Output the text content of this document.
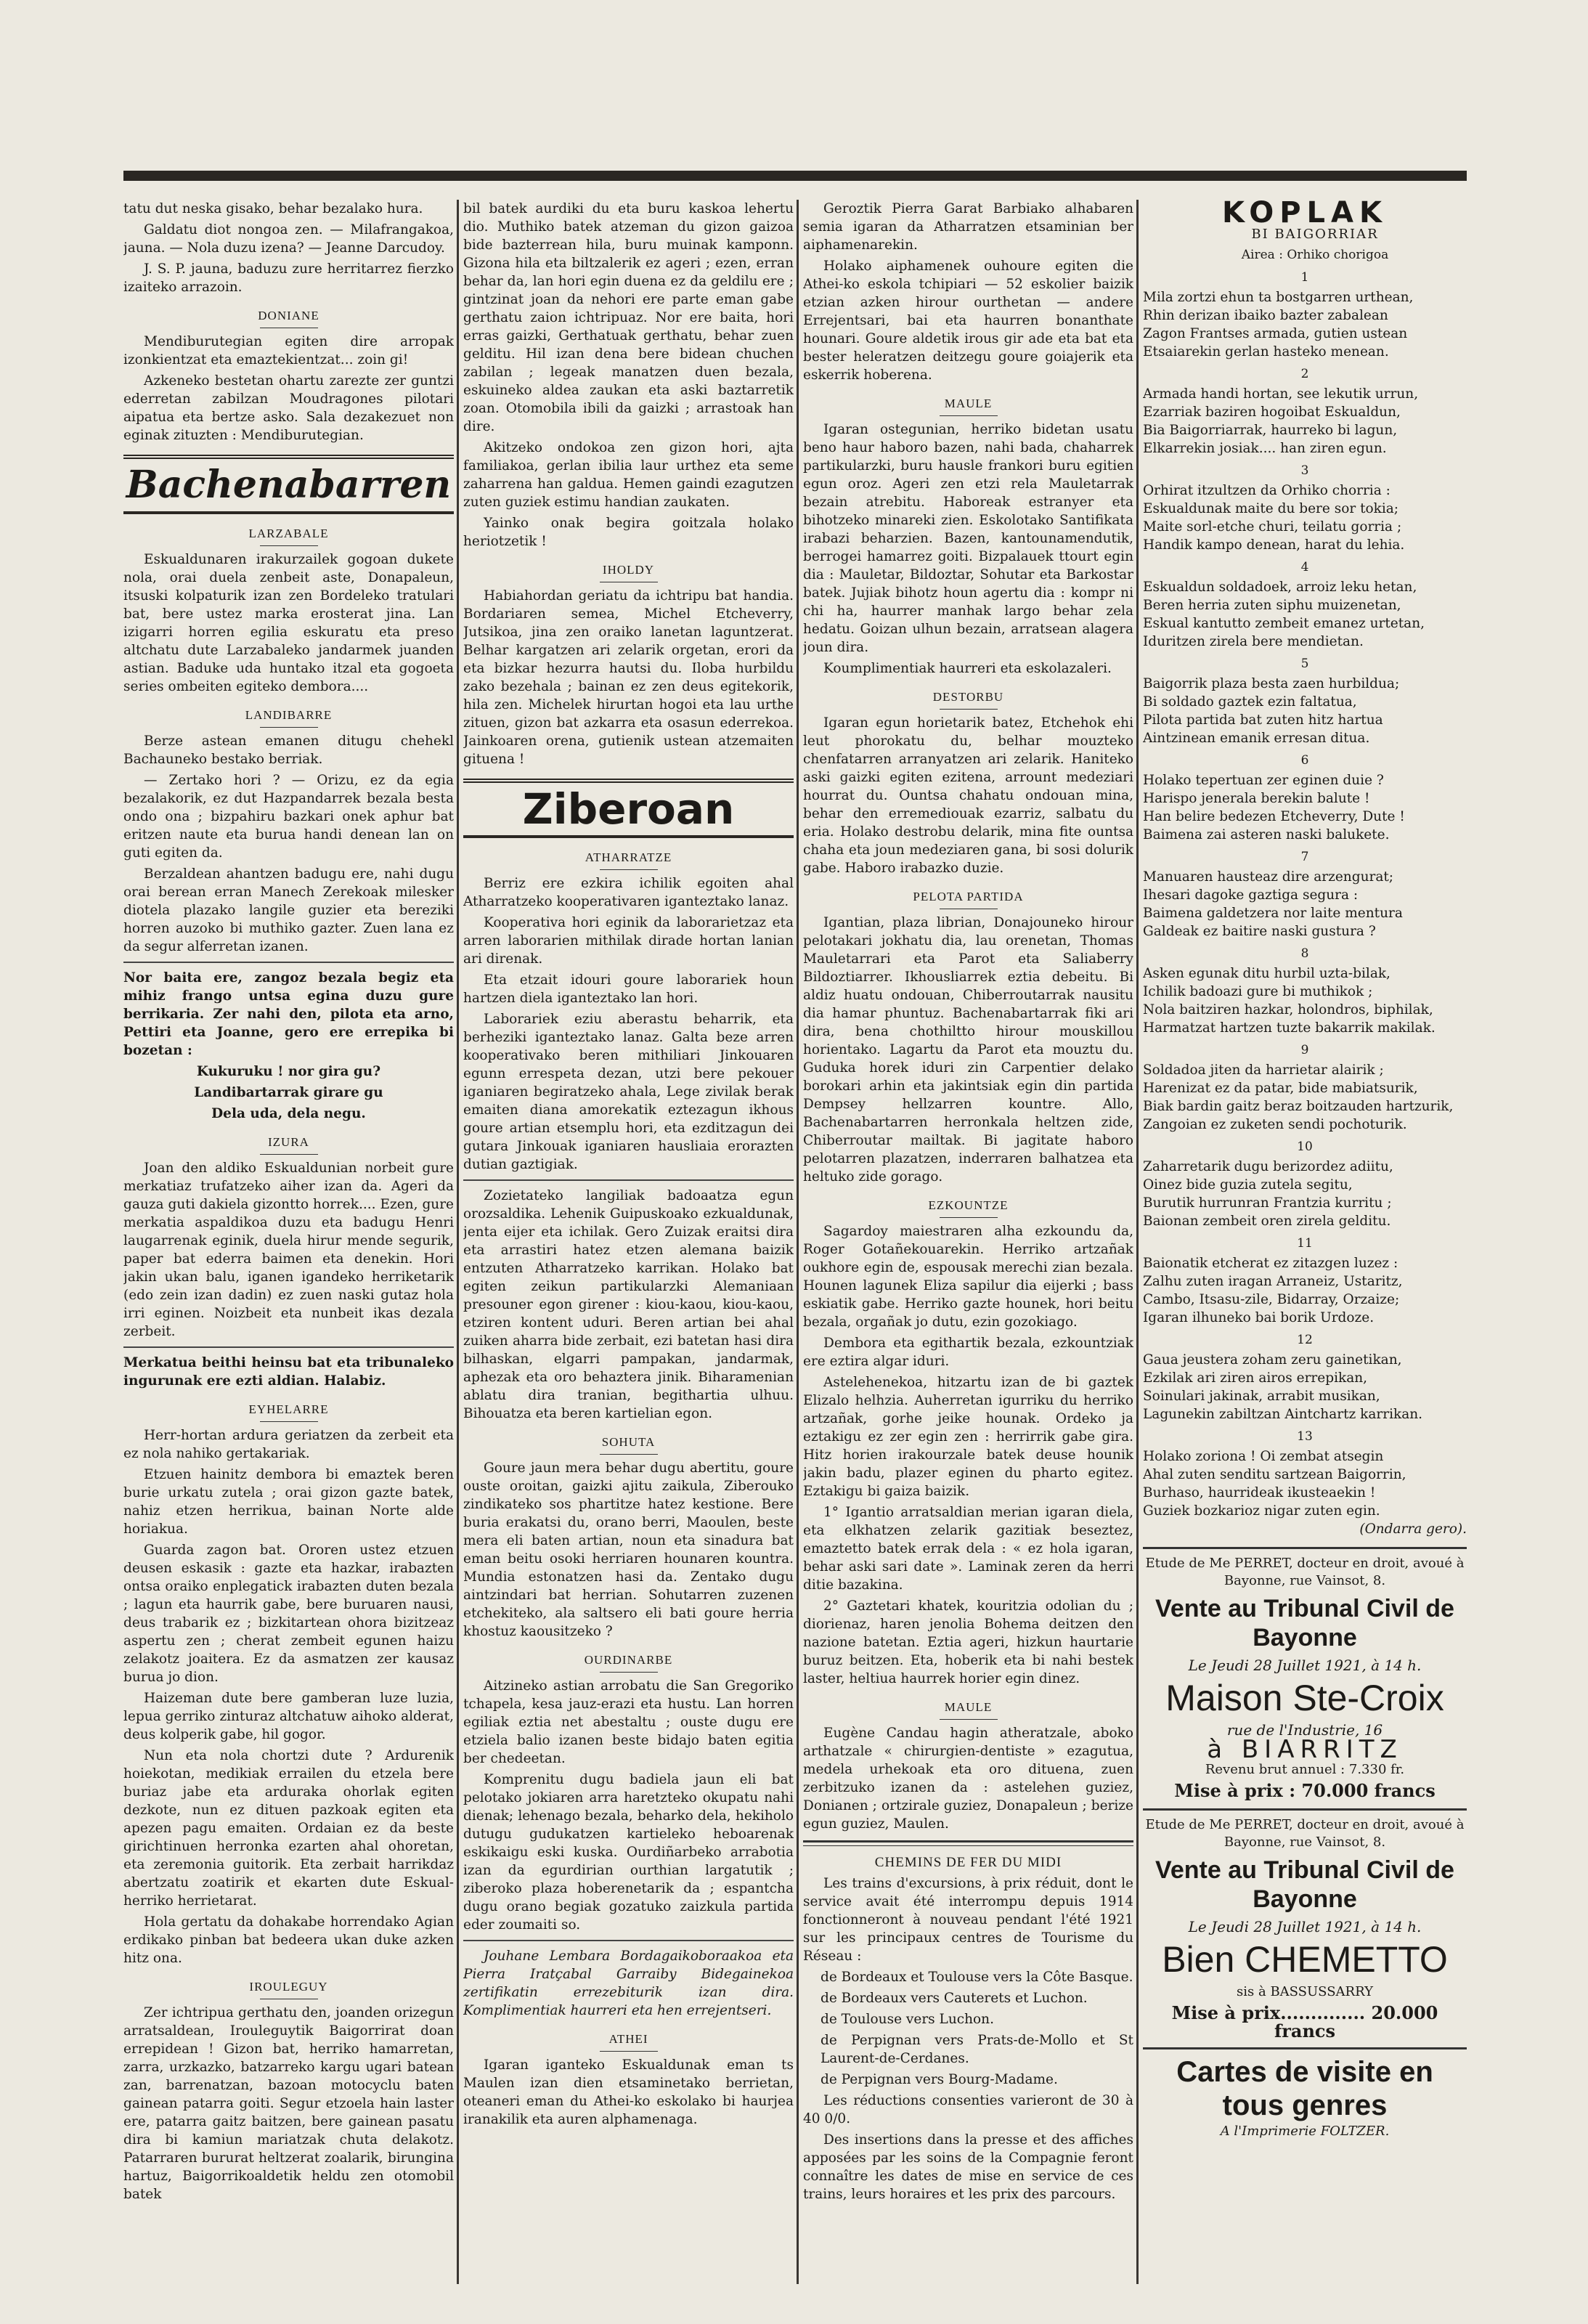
tatu dut neska gisako, behar bezalako hura.

Galdatu diot nongoa zen. — Milafrangakoa, jauna. — Nola duzu izena? — Jeanne Darcudoy.

J. S. P. jauna, baduzu zure herritarrez fierzko izaiteko arrazoin.

DONIANE

Mendiburutegian egiten dire arropak izonkientzat eta emaztekientzat... zoin gi!

Azkeneko bestetan ohartu zarezte zer guntzi ederretan zabilzan Moudragones pilotari aipatua eta bertze asko. Sala dezakezuet non eginak zituzten : Mendiburutegian.

Bachenabarren
LARZABALE

Eskualdunaren irakurzailek gogoan dukete nola, orai duela zenbeit aste, Donapaleun, itsuski kolpaturik izan zen Bordeleko tratulari bat, bere ustez marka erosterat jina. Lan izigarri horren egilia eskuratu eta preso altchatu dute Larzabaleko jandarmek juanden astian. Baduke uda huntako itzal eta gogoeta series ombeiten egiteko dembora....

LANDIBARRE

Berze astean emanen ditugu chehekl Bachauneko bestako berriak.

— Zertako hori ? — Orizu, ez da egia bezalakorik, ez dut Hazpandarrek bezala besta ondo ona ; bizpahiru bazkari onek aphur bat eritzen naute eta burua handi denean lan on guti egiten da.

Berzaldean ahantzen badugu ere, nahi dugu orai berean erran Manech Zerekoak milesker diotela plazako langile guzier eta bereziki horren auzoko bi muthiko gazter. Zuen lana ez da segur alferretan izanen.

Nor baita ere, zangoz bezala begiz eta mihiz frango untsa egina duzu gure berrikaria. Zer nahi den, pilota eta arno, Pettiri eta Joanne, gero ere errepika bi bozetan :

Kukuruku ! nor gira gu?

Landibartarrak girare gu

Dela uda, dela negu.

IZURA

Joan den aldiko Eskualdunian norbeit gure merkatiaz trufatzeko aiher izan da. Ageri da gauza guti dakiela gizontto horrek.... Ezen, gure merkatia aspaldikoa duzu eta badugu Henri laugarrenak eginik, duela hirur mende segurik, paper bat ederra baimen eta denekin. Hori jakin ukan balu, iganen igandeko herriketarik (edo zein izan dadin) ez zuen naski gutaz hola irri eginen. Noizbeit eta nunbeit ikas dezala zerbeit.

Merkatua beithi heinsu bat eta tribunaleko ingurunak ere ezti aldian. Halabiz.

EYHELARRE

Herr-hortan ardura geriatzen da zerbeit eta ez nola nahiko gertakariak.

Etzuen hainitz dembora bi emaztek beren burie urkatu zutela ; orai gizon gazte batek, nahiz etzen herrikua, bainan Norte alde horiakua.

Guarda zagon bat. Ororen ustez etzuen deusen eskasik : gazte eta hazkar, irabazten ontsa oraiko enplegatick irabazten duten bezala ; lagun eta haurrik gabe, bere buruaren nausi, deus trabarik ez ; bizkitartean ohora bizitzeaz aspertu zen ; cherat zembeit egunen haizu zelakotz joaitera. Ez da asmatzen zer kausaz burua jo dion.

Haizeman dute bere gamberan luze luzia, lepua gerriko zinturaz altchatuw aihoko alderat, deus kolperik gabe, hil gogor.

Nun eta nola chortzi dute ? Ardurenik hoiekotan, medikiak errailen du etzela bere buriaz jabe eta arduraka ohorlak egiten dezkote, nun ez dituen pazkoak egiten eta apezen pagu emaiten. Ordaian ez da beste girichtinuen herronka ezarten ahal ohoretan, eta zeremonia guitorik. Eta zerbait harrikdaz abertzatu zoatirik et ekarten dute Eskual-herriko herrietarat.

Hola gertatu da dohakabe horrendako Agian erdikako pinban bat bedeera ukan duke azken hitz ona.

IROULEGUY

Zer ichtripua gerthatu den, joanden orizegun arratsaldean, Irouleguytik Baigorrirat doan errepidean ! Gizon bat, herriko hamarretan, zarra, urzkazko, batzarreko kargu ugari batean zan, barrenatzan, bazoan motocyclu baten gainean patarra goiti. Segur etzoela hain laster ere, patarra gaitz baitzen, bere gainean pasatu dira bi kamiun mariatzak chuta delakotz. Patarraren bururat heltzerat zoalarik, birungina hartuz, Baigorrikoaldetik heldu zen otomobil batek

bil batek aurdiki du eta buru kaskoa lehertu dio. Muthiko batek atzeman du gizon gaizoa bide bazterrean hila, buru muinak kamponn. Gizona hila eta biltzalerik ez ageri ; ezen, erran behar da, lan hori egin duena ez da geldilu ere ; gintzinat joan da nehori ere parte eman gabe gerthatu zaion ichtripuaz. Nor ere baita, hori erras gaizki, Gerthatuak gerthatu, behar zuen gelditu. Hil izan dena bere bidean chuchen zabilan ; legeak manatzen duen bezala, eskuineko aldea zaukan eta aski baztarretik zoan. Otomobila ibili da gaizki ; arrastoak han dire.

Akitzeko ondokoa zen gizon hori, ajta familiakoa, gerlan ibilia laur urthez eta seme zaharrena han galdua. Hemen gaindi ezagutzen zuten guziek estimu handian zaukaten.

Yainko onak begira goitzala holako heriotzetik !

IHOLDY

Habiahordan geriatu da ichtripu bat handia. Bordariaren semea, Michel Etcheverry, Jutsikoa, jina zen oraiko lanetan laguntzerat. Belhar kargatzen ari zelarik orgetan, erori da eta bizkar hezurra hautsi du. Iloba hurbildu zako bezehala ; bainan ez zen deus egitekorik, hila zen. Michelek hirurtan hogoi eta lau urthe zituen, gizon bat azkarra eta osasun ederrekoa. Jainkoaren orena, gutienik ustean atzemaiten gituena !

Ziberoan
ATHARRATZE

Berriz ere ezkira ichilik egoiten ahal Atharratzeko kooperativaren iganteztako lanaz.

Kooperativa hori eginik da laborarietzaz eta arren laborarien mithilak dirade hortan lanian ari direnak.

Eta etzait idouri goure laborariek houn hartzen diela iganteztako lan hori.

Laborariek eziu aberastu beharrik, eta berheziki iganteztako lanaz. Galta beze arren kooperativako beren mithiliari Jinkouaren egunn errespeta dezan, utzi bere pekouer iganiaren begiratzeko ahala, Lege zivilak berak emaiten diana amorekatik eztezagun ikhous goure artian etsemplu hori, eta ezditzagun dei gutara Jinkouak iganiaren hausliaia erorazten dutian gaztigiak.

Zozietateko langiliak badoaatza egun orozsaldika. Lehenik Guipuskoako ezkualdunak, jenta eijer eta ichilak. Gero Zuizak eraitsi dira eta arrastiri hatez etzen alemana baizik entzuten Atharratzeko karrikan. Holako bat egiten zeikun partikularzki Alemaniaan presouner egon girener : kiou-kaou, kiou-kaou, etziren kontent uduri. Beren artian bei ahal zuiken aharra bide zerbait, ezi batetan hasi dira bilhaskan, elgarri pampakan, jandarmak, aphezak eta oro behaztera jinik. Biharamenian ablatu dira tranian, begithartia ulhuu. Bihouatza eta beren kartielian egon.

SOHUTA

Goure jaun mera behar dugu abertitu, goure ouste oroitan, gaizki ajitu zaikula, Ziberouko zindikateko sos phartitze hatez kestione. Bere buria erakatsi du, orano berri, Maoulen, beste mera eli baten artian, noun eta sinadura bat eman beitu osoki herriaren hounaren kountra. Mundia estonatzen hasi da. Zentako dugu aintzindari bat herrian. Sohutarren zuzenen etchekiteko, ala saltsero eli bati goure herria khostuz kaousitzeko ?

OURDINARBE

Aitzineko astian arrobatu die San Gregoriko tchapela, kesa jauz-erazi eta hustu. Lan horren egiliak eztia net abestaltu ; ouste dugu ere etziela balio izanen beste bidajo baten egitia ber chedeetan.

Komprenitu dugu badiela jaun eli bat pelotako jokiaren arra haretzteko okupatu nahi dienak; lehenago bezala, beharko dela, hekiholo dutugu gudukatzen kartieleko heboarenak eskikaigu eski kuska. Ourdiñarbeko arrabotia izan da egurdirian ourthian largatutik ; ziberoko plaza hoberenetarik da ; espantcha dugu orano begiak gozatuko zaizkula partida eder zoumaiti so.

Jouhane Lembara Bordagaikoboraakoa eta Pierra Iratçabal Garraiby Bidegainekoa zertifikatin errezebiturik izan dira. Komplimentiak haurreri eta hen errejentseri.

ATHEI

Igaran iganteko Eskualdunak eman ts Maulen izan dien etsaminetako berrietan, oteaneri eman du Athei-ko eskolako bi haurjea iranakilik eta auren alphamenaga.

Geroztik Pierra Garat Barbiako alhabaren semia igaran da Atharratzen etsaminian ber aiphamenarekin.

Holako aiphamenek ouhoure egiten die Athei-ko eskola tchipiari — 52 eskolier baizik etzian azken hirour ourthetan — andere Errejentsari, bai eta haurren bonanthate hounari. Goure aldetik irous gir ade eta bat eta bester heleratzen deitzegu goure goiajerik eta eskerrik hoberena.

MAULE

Igaran ostegunian, herriko bidetan usatu beno haur haboro bazen, nahi bada, chaharrek partikularzki, buru hausle frankori buru egitien egun oroz. Ageri zen etzi rela Mauletarrak bezain atrebitu. Haboreak estranyer eta bihotzeko minareki zien. Eskolotako Santifikata irabazi beharzien. Bazen, kantounamendutik, berrogei hamarrez goiti. Bizpalauek ttourt egin dia : Mauletar, Bildoztar, Sohutar eta Barkostar batek. Jujiak bihotz houn agertu dia : kompr ni chi ha, haurrer manhak largo behar zela hedatu. Goizan ulhun bezain, arratsean alagera joun dira.

Koumplimentiak haurreri eta eskolazaleri.

DESTORBU

Igaran egun horietarik batez, Etchehok ehi leut phorokatu du, belhar mouzteko chenfatarren arranyatzen ari zelarik. Haniteko aski gaizki egiten ezitena, arrount medeziari hourrat du. Ountsa chahatu ondouan mina, behar den erremediouak ezarriz, salbatu du eria. Holako destrobu delarik, mina fite ountsa chaha eta joun medeziaren gana, bi sosi dolurik gabe. Haboro irabazko duzie.

PELOTA PARTIDA

Igantian, plaza librian, Donajouneko hirour pelotakari jokhatu dia, lau orenetan, Thomas Mauletarrari eta Parot eta Saliaberry Bildoztiarrer. Ikhousliarrek eztia debeitu. Bi aldiz huatu ondouan, Chiberroutarrak nausitu dia hamar phuntuz. Bachenabartarrak fiki ari dira, bena chothiltto hirour mouskillou horientako. Lagartu da Parot eta mouztu du. Guduka horek iduri zin Carpentier delako borokari arhin eta jakintsiak egin din partida Dempsey hellzarren kountre. Allo, Bachenabartarren herronkala heltzen zide, Chiberroutar mailtak. Bi jagitate haboro pelotarren plazatzen, inderraren balhatzea eta heltuko zide gorago.

EZKOUNTZE

Sagardoy maiestraren alha ezkoundu da, Roger Gotañekouarekin. Herriko artzañak oukhore egin de, espousak merechi zian bezala. Hounen lagunek Eliza sapilur dia eijerki ; bass eskiatik gabe. Herriko gazte hounek, hori beitu bezala, orgañak jo dutu, ezin gozokiago.

Dembora eta egithartik bezala, ezkountziak ere eztira algar iduri.

Astelehenekoa, hitzartu izan de bi gaztek Elizalo helhzia. Auherretan igurriku du herriko artzañak, gorhe jeike hounak. Ordeko ja eztakigu ez zer egin zen : herrirrik gabe gira. Hitz horien irakourzale batek deuse hounik jakin badu, plazer eginen du pharto egitez. Eztakigu bi gaiza baizik.

1° Igantio arratsaldian merian igaran diela, eta elkhatzen zelarik gazitiak beseztez, emaztetto batek errak dela : « ez hola igaran, behar aski sari date ». Laminak zeren da herri ditie bazakina.

2° Gaztetari khatek, kouritzia odolian du ; diorienaz, haren jenolia Bohema deitzen den nazione batetan. Eztia ageri, hizkun haurtarie buruz beitzen. Eta, hoberik eta bi nahi bestek laster, heltiua haurrek horier egin dinez.

MAULE

Eugène Candau hagin atheratzale, aboko arthatzale « chirurgien-dentiste » ezagutua, medela urhekoak eta oro dituena, zuen zerbitzuko izanen da : astelehen guziez, Donianen ; ortzirale guziez, Donapaleun ; berize egun guziez, Maulen.

CHEMINS DE FER DU MIDI

Les trains d'excursions, à prix réduit, dont le service avait été interrompu depuis 1914 fonctionneront à nouveau pendant l'été 1921 sur les principaux centres de Tourisme du Réseau :

de Bordeaux et Toulouse vers la Côte Basque.

de Bordeaux vers Cauterets et Luchon.

de Toulouse vers Luchon.

de Perpignan vers Prats-de-Mollo et St Laurent-de-Cerdanes.

de Perpignan vers Bourg-Madame.

Les réductions consenties varieront de 30 à 40 0/0.

Des insertions dans la presse et des affiches apposées par les soins de la Compagnie feront connaître les dates de mise en service de ces trains, leurs horaires et les prix des parcours.

KOPLAK

BI BAIGORRIAR

Airea : Orhiko chorigoa

1

Mila zortzi ehun ta bostgarren urthean,

Rhin derizan ibaiko bazter zabalean

Zagon Frantses armada, gutien ustean

Etsaiarekin gerlan hasteko menean.

2

Armada handi hortan, see lekutik urrun,

Ezarriak baziren hogoibat Eskualdun,

Bia Baigorriarrak, haurreko bi lagun,

Elkarrekin josiak.... han ziren egun.

3

Orhirat itzultzen da Orhiko chorria :

Eskualdunak maite du bere sor tokia;

Maite sorl-etche churi, teilatu gorria ;

Handik kampo denean, harat du lehia.

4

Eskualdun soldadoek, arroiz leku hetan,

Beren herria zuten siphu muizenetan,

Eskual kantutto zembeit emanez urtetan,

Iduritzen zirela bere mendietan.

5

Baigorrik plaza besta zaen hurbildua;

Bi soldado gaztek ezin faltatua,

Pilota partida bat zuten hitz hartua

Aintzinean emanik erresan ditua.

6

Holako tepertuan zer eginen duie ?

Harispo jenerala berekin balute !

Han belire bedezen Etcheverry, Dute !

Baimena zai asteren naski balukete.

7

Manuaren hausteaz dire arzengurat;

Ihesari dagoke gaztiga segura :

Baimena galdetzera nor laite mentura

Galdeak ez baitire naski gustura ?

8

Asken egunak ditu hurbil uzta-bilak,

Ichilik badoazi gure bi muthikok ;

Nola baitziren hazkar, holondros, biphilak,

Harmatzat hartzen tuzte bakarrik makilak.

9

Soldadoa jiten da harrietar alairik ;

Harenizat ez da patar, bide mabiatsurik,

Biak bardin gaitz beraz boitzauden hartzurik,

Zangoian ez zuketen sendi pochoturik.

10

Zaharretarik dugu berizordez adiitu,

Oinez bide guzia zutela segitu,

Burutik hurrunran Frantzia kurritu ;

Baionan zembeit oren zirela gelditu.

11

Baionatik etcherat ez zitazgen luzez :

Zalhu zuten iragan Arraneiz, Ustaritz,

Cambo, Itsasu-zile, Bidarray, Orzaize;

Igaran ilhuneko bai borik Urdoze.

12

Gaua jeustera zoham zeru gainetikan,

Ezkilak ari ziren airos errepikan,

Soinulari jakinak, arrabit musikan,

Lagunekin zabiltzan Aintchartz karrikan.

13

Holako zoriona ! Oi zembat atsegin

Ahal zuten senditu sartzean Baigorrin,

Burhaso, haurrideak ikusteaekin !

Guziek bozkarioz nigar zuten egin.

(Ondarra gero).

Etude de Me PERRET, docteur en droit, avoué à Bayonne, rue Vainsot, 8.

Vente au Tribunal Civil de Bayonne
Le Jeudi 28 Juillet 1921, à 14 h.
Maison Ste-Croix
rue de l'Industrie, 16
à BIARRITZ
Revenu brut annuel : 7.330 fr.
Mise à prix : 70.000 francs

Etude de Me PERRET, docteur en droit, avoué à Bayonne, rue Vainsot, 8.

Vente au Tribunal Civil de Bayonne
Le Jeudi 28 Juillet 1921, à 14 h.
Bien CHEMETTO
sis à BASSUSSARRY
Mise à prix.............. 20.000 francs
Cartes de visite en tous genres
A l'Imprimerie FOLTZER.
